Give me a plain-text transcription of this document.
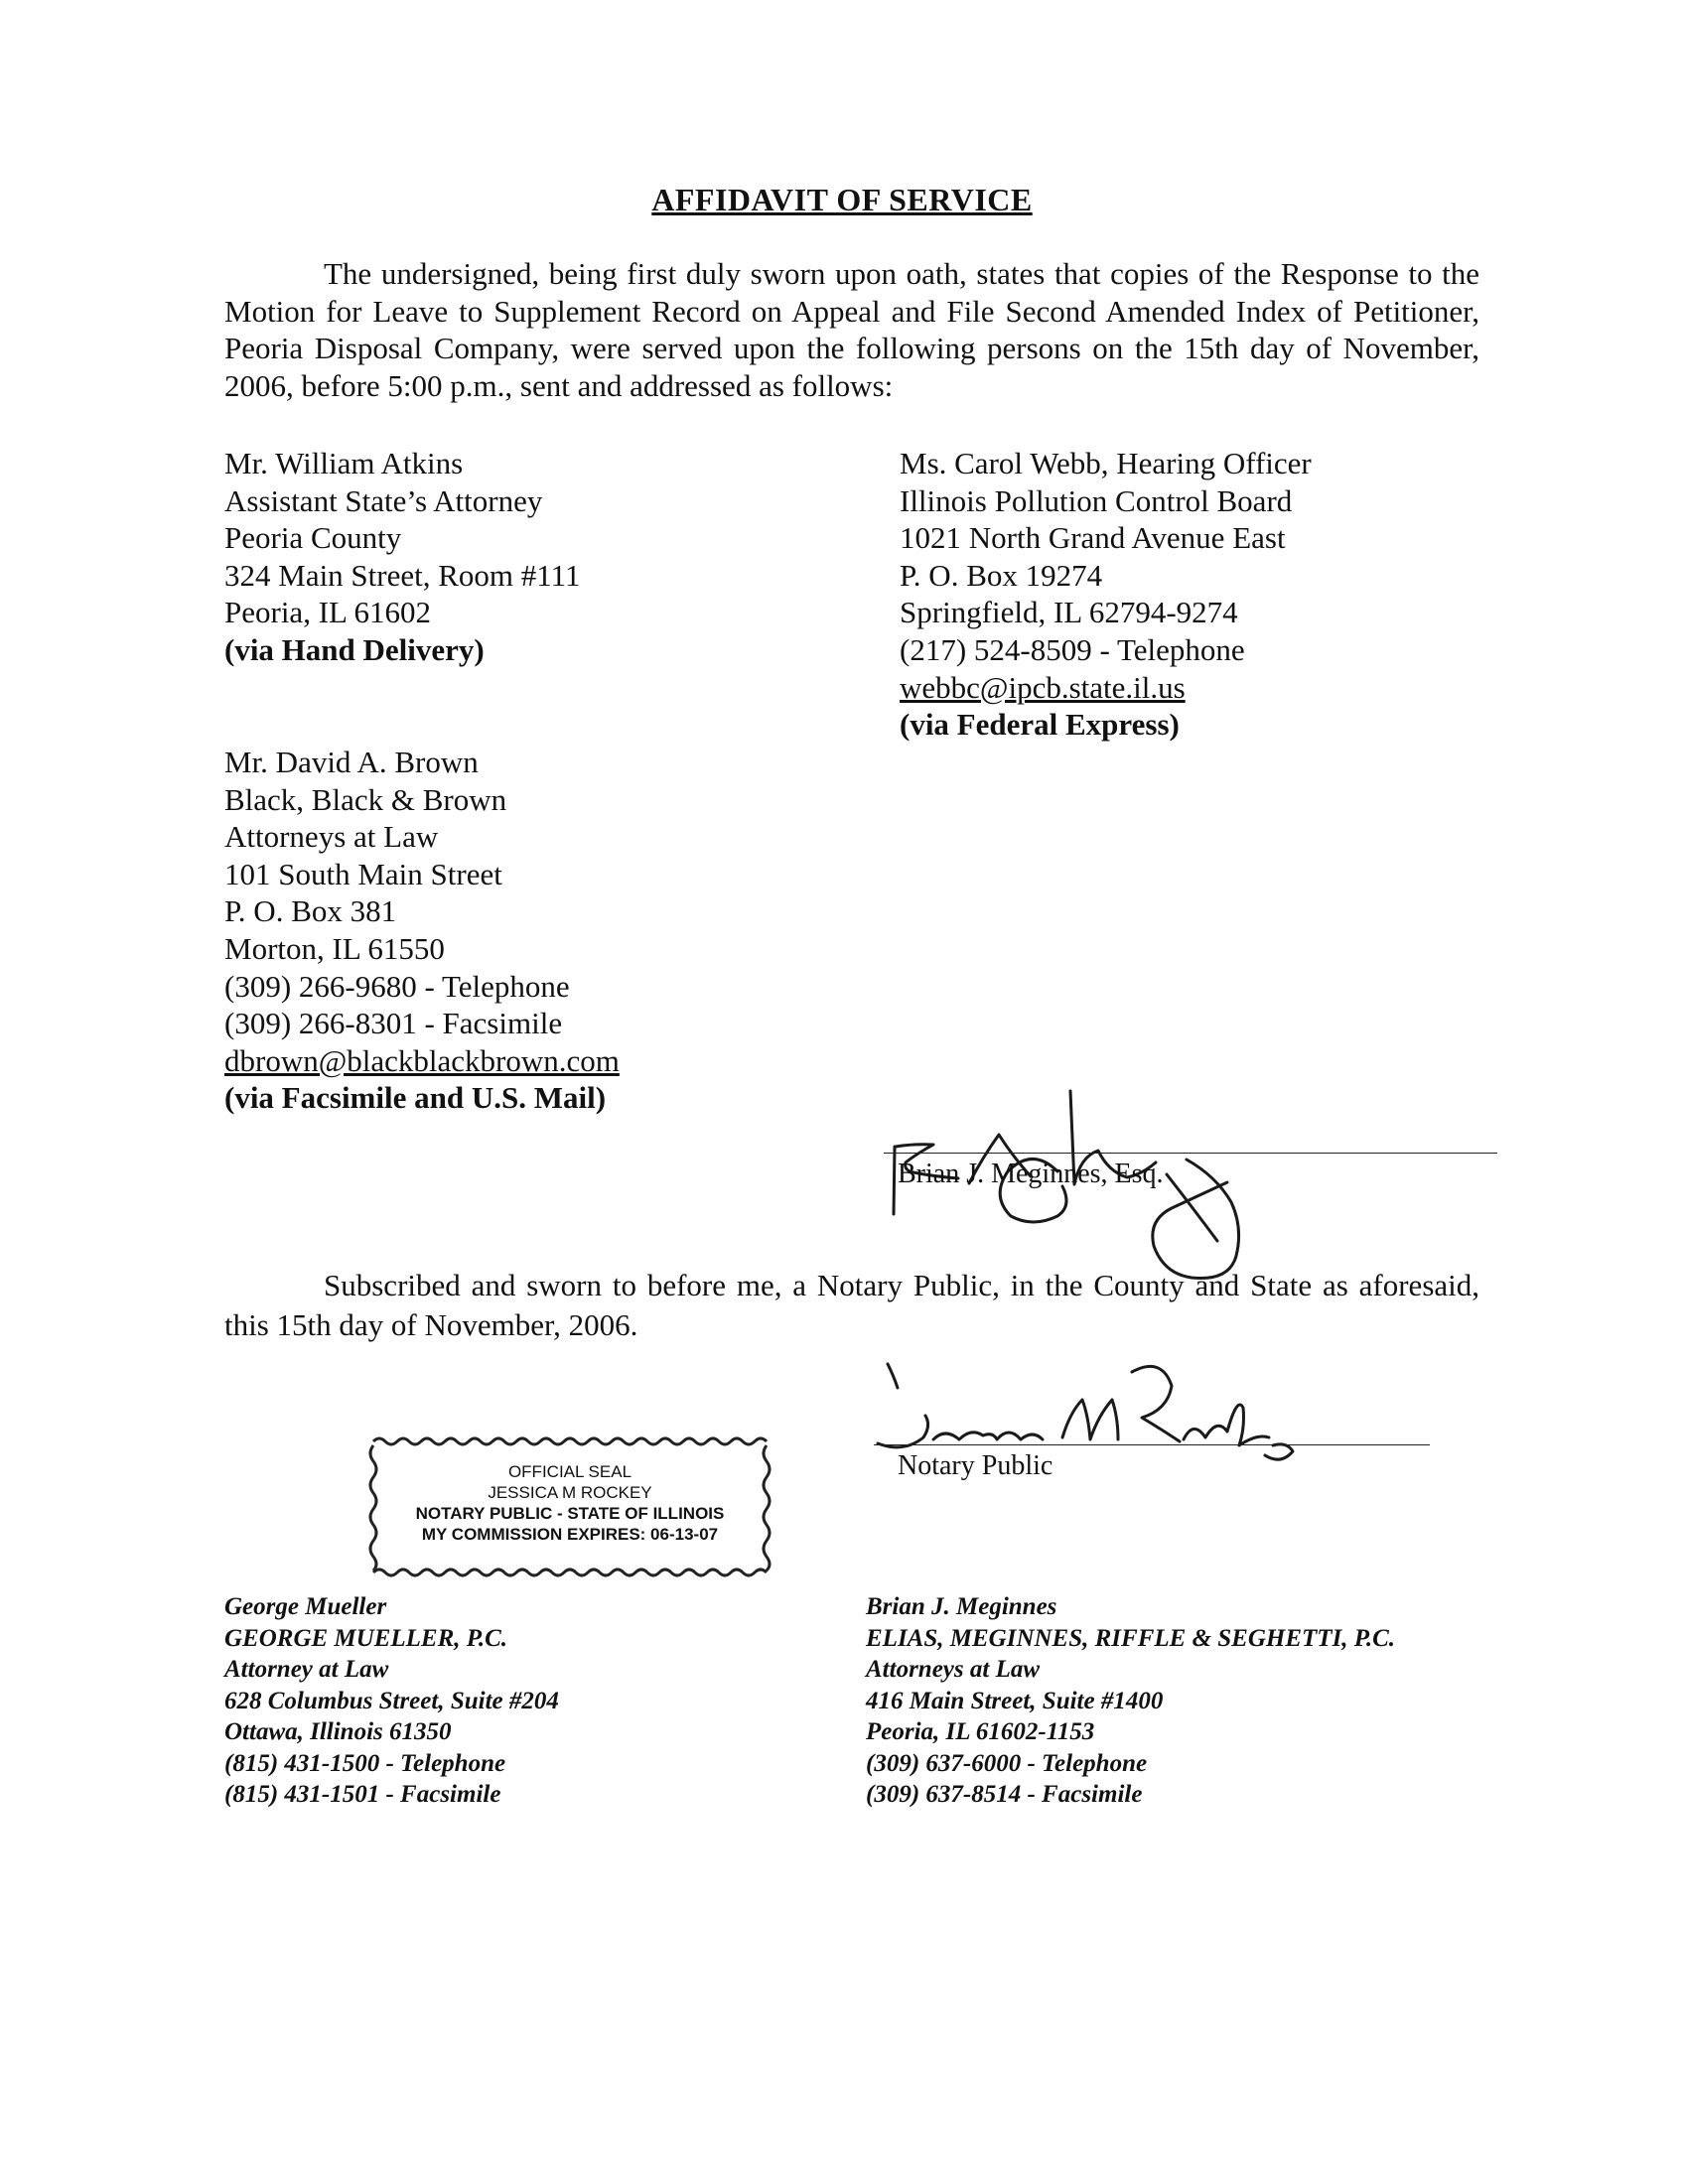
AFFIDAVIT OF SERVICE
The undersigned, being first duly sworn upon oath, states that copies of the Response to the Motion for Leave to Supplement Record on Appeal and File Second Amended Index of Petitioner, Peoria Disposal Company, were served upon the following persons on the 15th day of November, 2006, before 5:00 p.m., sent and addressed as follows:
Mr. William Atkins
Assistant State’s Attorney
Peoria County
324 Main Street, Room #111
Peoria, IL 61602
(via Hand Delivery)
Ms. Carol Webb, Hearing Officer
Illinois Pollution Control Board
1021 North Grand Avenue East
P. O. Box 19274
Springfield, IL 62794-9274
(217) 524-8509 - Telephone
webbc@ipcb.state.il.us
(via Federal Express)
Mr. David A. Brown
Black, Black & Brown
Attorneys at Law
101 South Main Street
P. O. Box 381
Morton, IL 61550
(309) 266-9680 - Telephone
(309) 266-8301 - Facsimile
dbrown@blackblackbrown.com
(via Facsimile and U.S. Mail)
Brian J. Meginnes, Esq.
Subscribed and sworn to before me, a Notary Public, in the County and State as aforesaid, this 15th day of November, 2006.
Notary Public
OFFICIAL SEAL
JESSICA M ROCKEY
NOTARY PUBLIC - STATE OF ILLINOIS
MY COMMISSION EXPIRES: 06-13-07
George Mueller
GEORGE MUELLER, P.C.
Attorney at Law
628 Columbus Street, Suite #204
Ottawa, Illinois 61350
(815) 431-1500 - Telephone
(815) 431-1501 - Facsimile
Brian J. Meginnes
ELIAS, MEGINNES, RIFFLE & SEGHETTI, P.C.
Attorneys at Law
416 Main Street, Suite #1400
Peoria, IL 61602-1153
(309) 637-6000 - Telephone
(309) 637-8514 - Facsimile
